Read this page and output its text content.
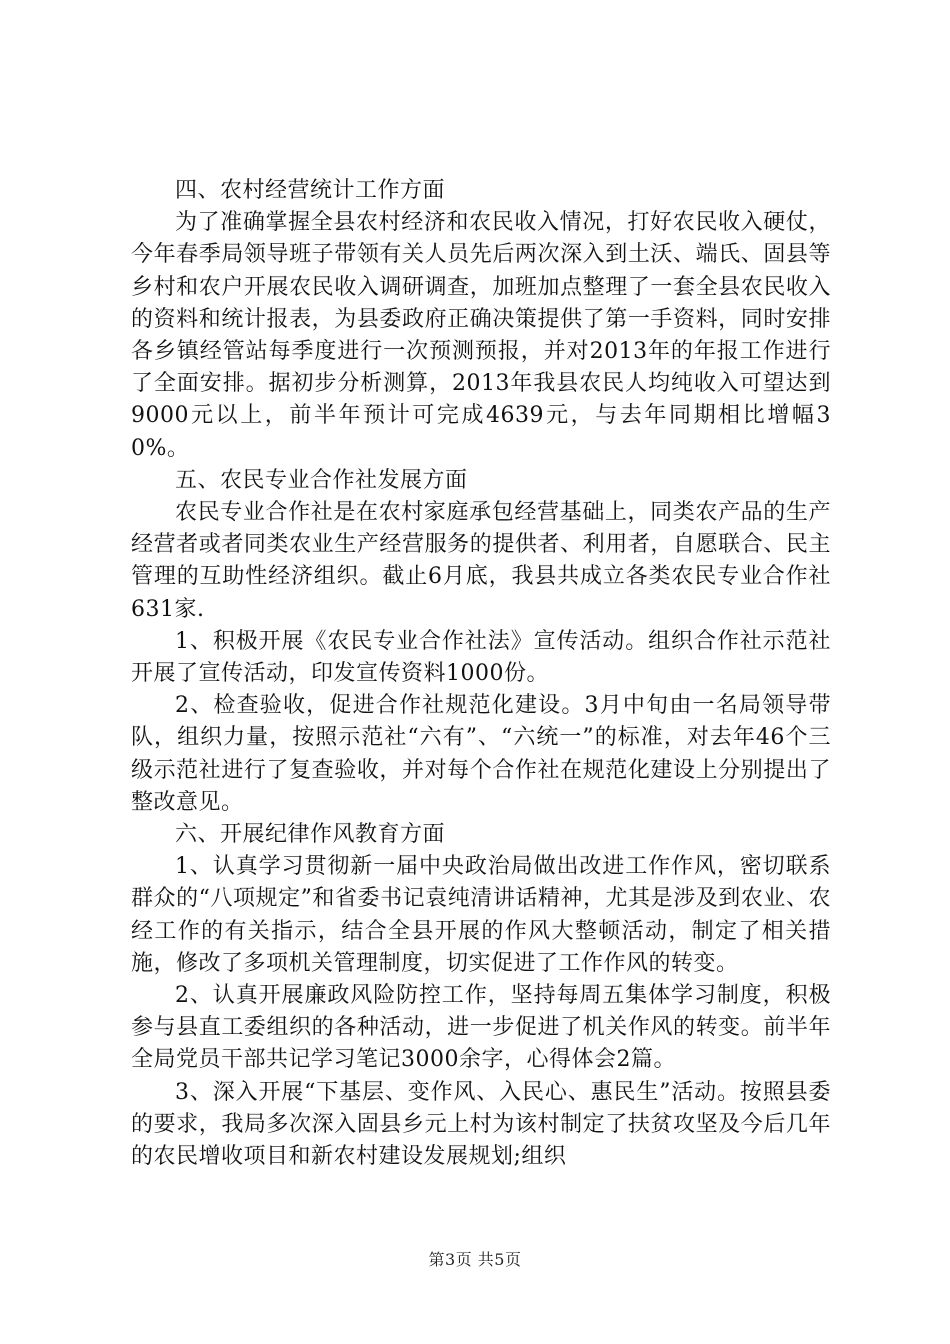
四、农村经营统计工作方面

为了准确掌握全县农村经济和农民收入情况，打好农民收入硬仗，今年春季局领导班子带领有关人员先后两次深入到土沃、端氏、固县等乡村和农户开展农民收入调研调查，加班加点整理了一套全县农民收入的资料和统计报表，为县委政府正确决策提供了第一手资料，同时安排各乡镇经管站每季度进行一次预测预报，并对2013年的年报工作进行了全面安排。据初步分析测算，2013年我县农民人均纯收入可望达到9000元以上，前半年预计可完成4639元，与去年同期相比增幅30%。

五、农民专业合作社发展方面

农民专业合作社是在农村家庭承包经营基础上，同类农产品的生产经营者或者同类农业生产经营服务的提供者、利用者，自愿联合、民主管理的互助性经济组织。截止6月底，我县共成立各类农民专业合作社631家.

1、积极开展《农民专业合作社法》宣传活动。组织合作社示范社开展了宣传活动，印发宣传资料1000份。

2、检查验收，促进合作社规范化建设。3月中旬由一名局领导带队，组织力量，按照示范社“六有”、“六统一”的标准，对去年46个三级示范社进行了复查验收，并对每个合作社在规范化建设上分别提出了整改意见。

六、开展纪律作风教育方面

1、认真学习贯彻新一届中央政治局做出改进工作作风，密切联系群众的“八项规定”和省委书记袁纯清讲话精神，尤其是涉及到农业、农经工作的有关指示，结合全县开展的作风大整顿活动，制定了相关措施，修改了多项机关管理制度，切实促进了工作作风的转变。

2、认真开展廉政风险防控工作，坚持每周五集体学习制度，积极参与县直工委组织的各种活动，进一步促进了机关作风的转变。前半年全局党员干部共记学习笔记3000余字，心得体会2篇。

3、深入开展“下基层、变作风、入民心、惠民生”活动。按照县委的要求，我局多次深入固县乡元上村为该村制定了扶贫攻坚及今后几年的农民增收项目和新农村建设发展规划;组织

第3页 共5页
